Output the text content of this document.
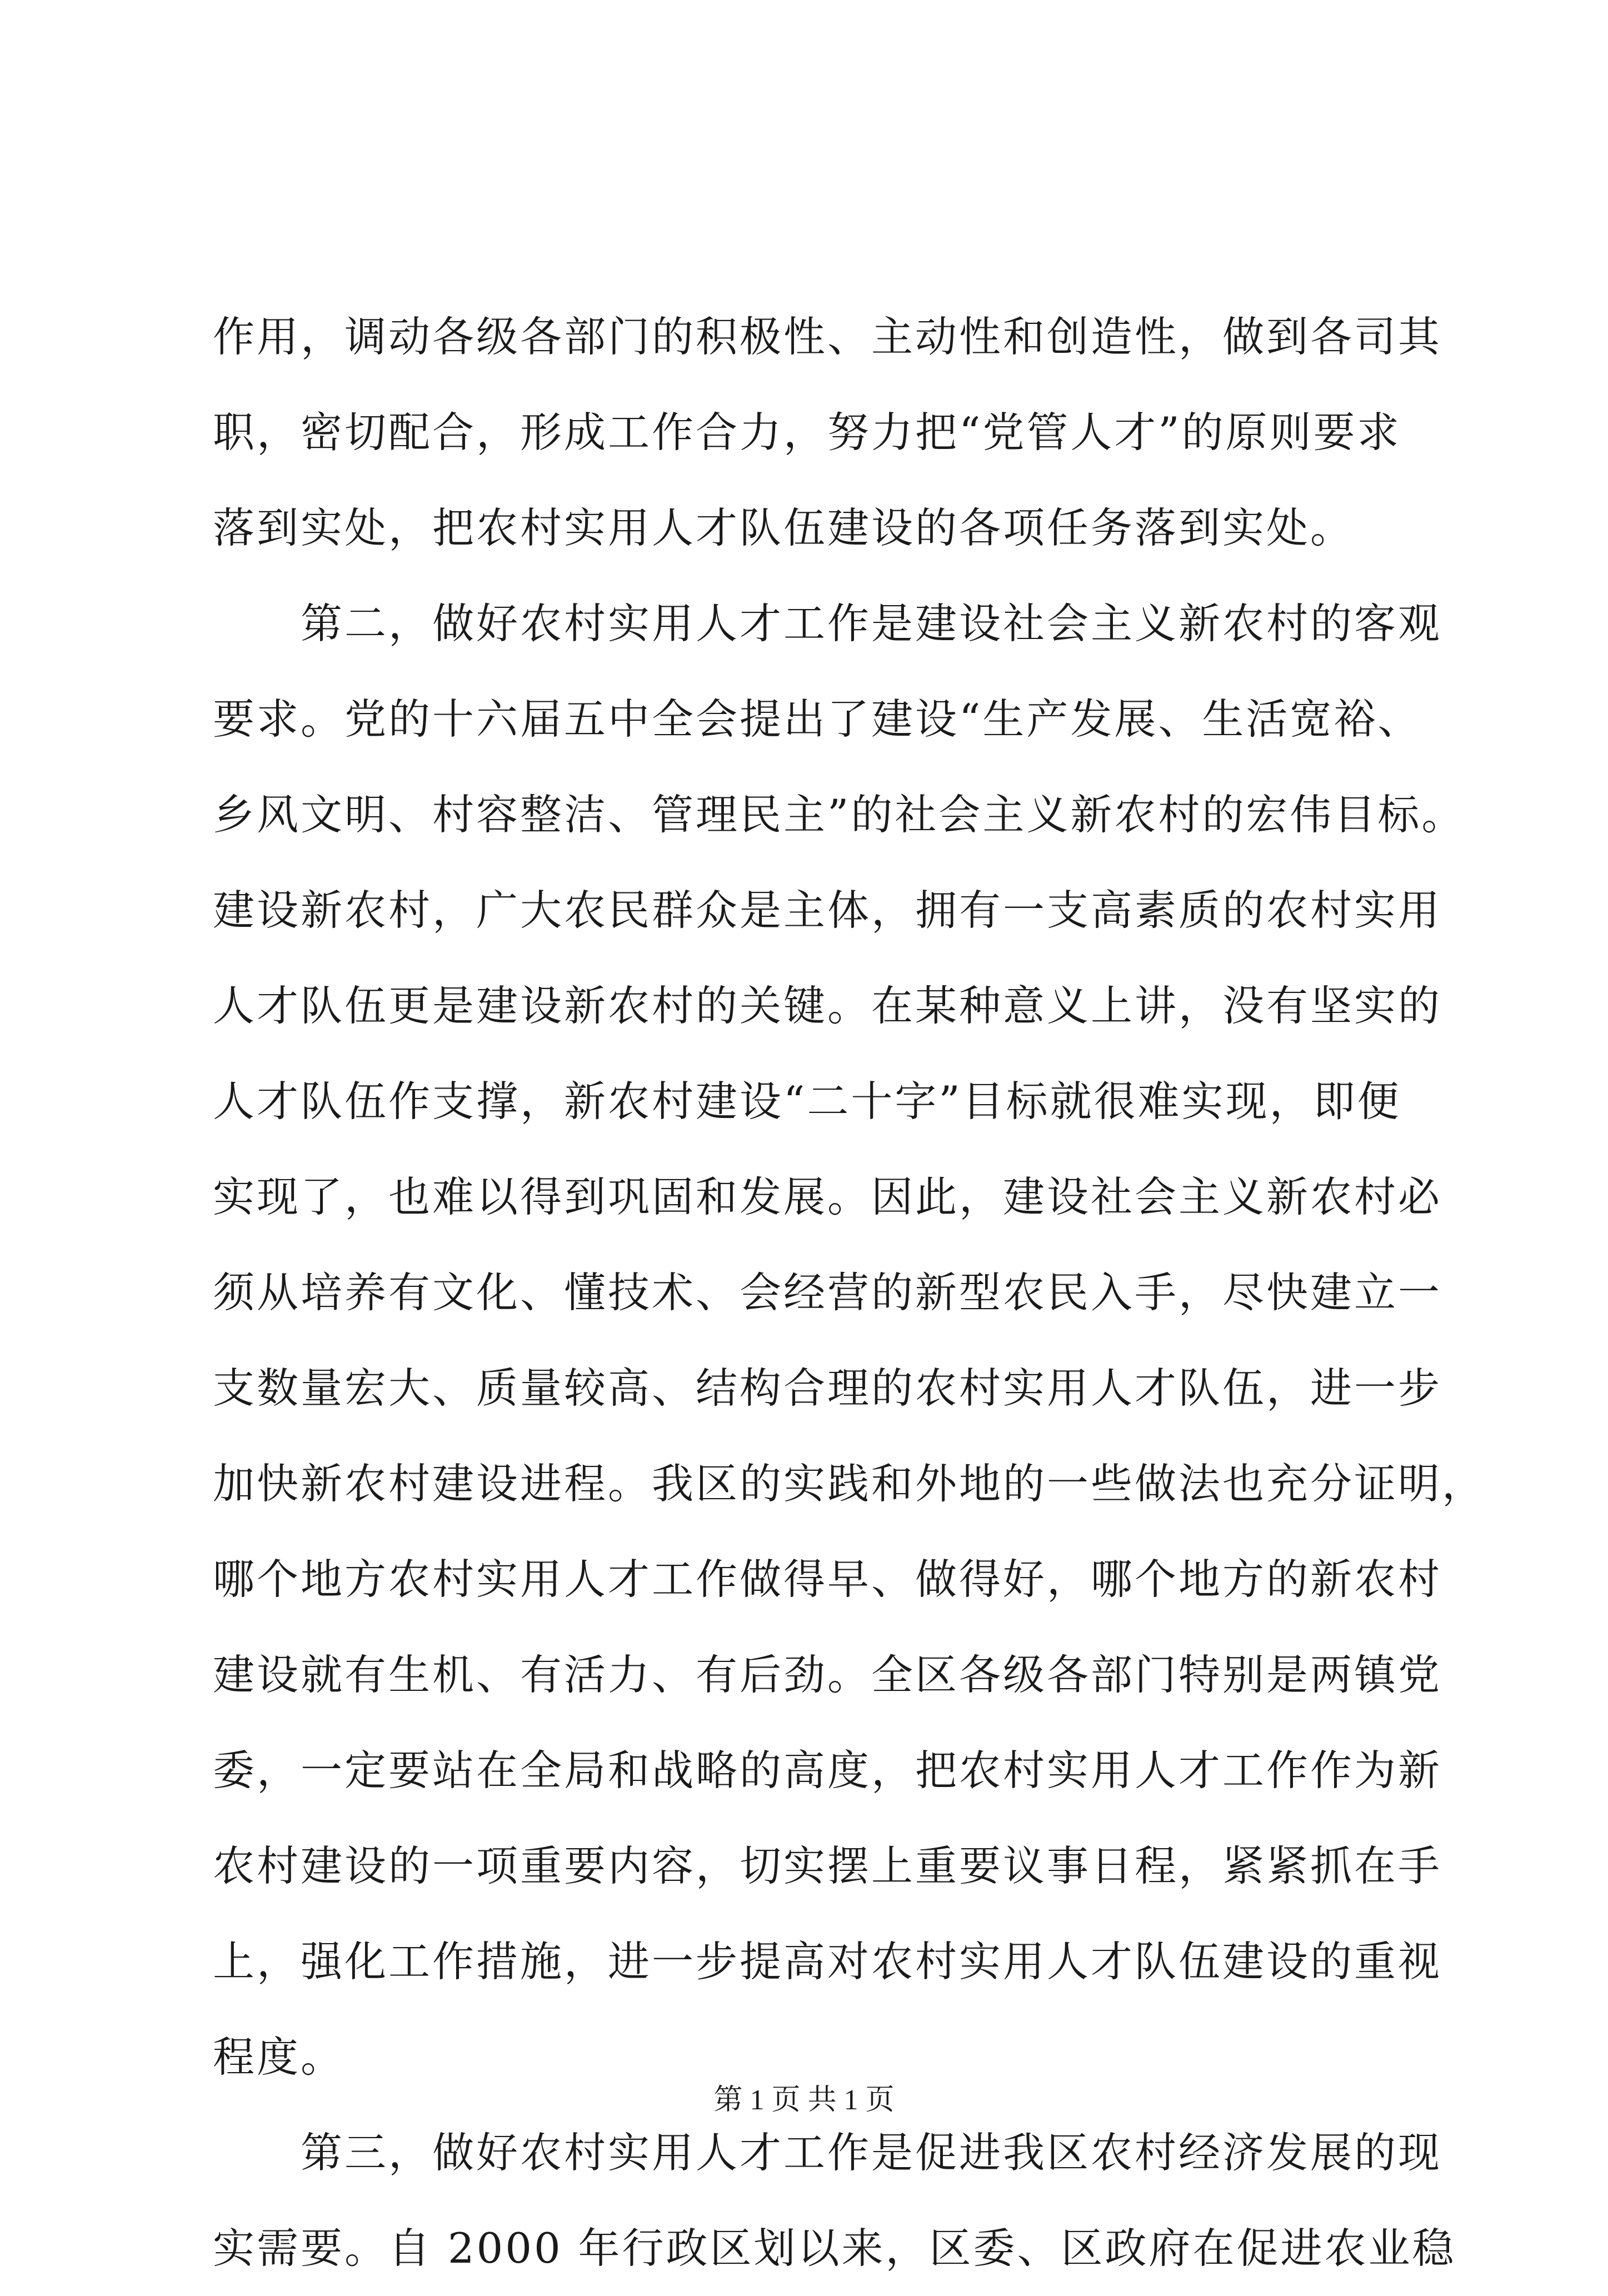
作用，调动各级各部门的积极性、主动性和创造性，做到各司其
职，密切配合，形成工作合力，努力把“党管人才”的原则要求
落到实处，把农村实用人才队伍建设的各项任务落到实处。
　　第二，做好农村实用人才工作是建设社会主义新农村的客观
要求。党的十六届五中全会提出了建设“生产发展、生活宽裕、
乡风文明、村容整洁、管理民主”的社会主义新农村的宏伟目标。
建设新农村，广大农民群众是主体，拥有一支高素质的农村实用
人才队伍更是建设新农村的关键。在某种意义上讲，没有坚实的
人才队伍作支撑，新农村建设“二十字”目标就很难实现，即便
实现了，也难以得到巩固和发展。因此，建设社会主义新农村必
须从培养有文化、懂技术、会经营的新型农民入手，尽快建立一
支数量宏大、质量较高、结构合理的农村实用人才队伍，进一步
加快新农村建设进程。我区的实践和外地的一些做法也充分证明，
哪个地方农村实用人才工作做得早、做得好，哪个地方的新农村
建设就有生机、有活力、有后劲。全区各级各部门特别是两镇党
委，一定要站在全局和战略的高度，把农村实用人才工作作为新
农村建设的一项重要内容，切实摆上重要议事日程，紧紧抓在手
上，强化工作措施，进一步提高对农村实用人才队伍建设的重视
程度。
　　第三，做好农村实用人才工作是促进我区农村经济发展的现
实需要。自 2000 年行政区划以来，区委、区政府在促进农业稳
第 1 页 共 1 页
